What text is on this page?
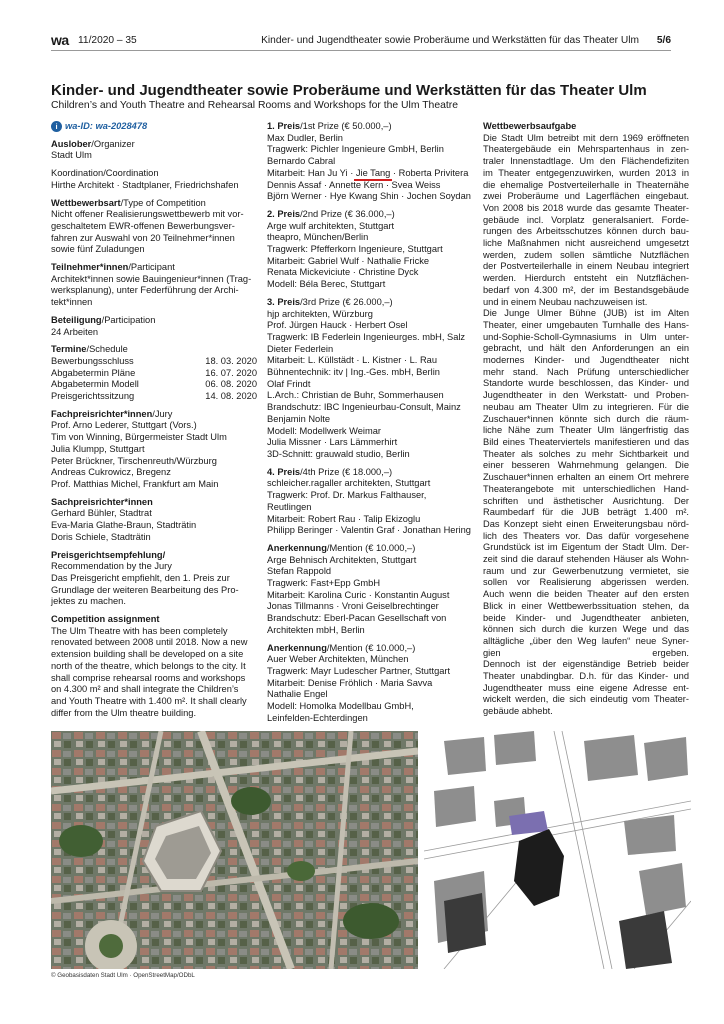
wa 11/2020 – 35	Kinder- und Jugendtheater sowie Proberäume und Werkstätten für das Theater Ulm 5/6
Kinder- und Jugendtheater sowie Proberäume und Werkstätten für das Theater Ulm
Children’s and Youth Theatre and Rehearsal Rooms and Workshops for the Ulm Theatre
i wa-ID: wa-2028478

Auslober/Organizer

Stadt Ulm

Koordination/Coordination

Hirthe Architekt · Stadtplaner, Friedrichshafen

Wettbewerbsart/Type of Competition

Nicht offener Realisierungswettbewerb mit vor-

geschaltetem EWR-offenen Bewerbungsver-

fahren zur Auswahl von 20 Teilnehmer*innen

sowie fünf Zuladungen

Teilnehmer*innen/Participant

Architekt*innen sowie Bauingenieur*innen (Trag-

werksplanung), unter Federführung der Archi-

tekt*innen

Beteiligung/Participation

24 Arbeiten

Termine/Schedule

Bewerbungsschluss	18. 03. 2020
Abgabetermin Pläne	16. 07. 2020
Abgabetermin Modell	06. 08. 2020
Preisgerichtssitzung	14. 08. 2020

Fachpreisrichter*innen/Jury

Prof. Arno Lederer, Stuttgart (Vors.)

Tim von Winning, Bürgermeister Stadt Ulm

Julia Klumpp, Stuttgart

Peter Brückner, Tirschenreuth/Würzburg

Andreas Cukrowicz, Bregenz

Prof. Matthias Michel, Frankfurt am Main

Sachpreisrichter*innen

Gerhard Bühler, Stadtrat

Eva-Maria Glathe-Braun, Stadträtin

Doris Schiele, Stadträtin

Preisgerichtsempfehlung/

Recommendation by the Jury

Das Preisgericht empfiehlt, den 1. Preis zur

Grundlage der weiteren Bearbeitung des Pro-

jektes zu machen.

Competition assignment

The Ulm Theatre with has been completely

renovated between 2008 until 2018. Now a new

extension building shall be developed on a site

north of the theatre, which belongs to the city. It

shall comprise rehearsal rooms and workshops

on 4.300 m² and shall integrate the Children’s

and Youth Theatre with 1.400 m². It shall clearly

differ from the Ulm theatre building.

1. Preis/1st Prize (€ 50.000,–)

Max Dudler, Berlin

Tragwerk: Pichler Ingenieure GmbH, Berlin

Bernardo Cabral

Mitarbeit: Han Ju Yi · Jie Tang · Roberta Privitera

Dennis Assaf · Annette Kern · Svea Weiss

Björn Werner · Hye Kwang Shin · Jochen Soydan

2. Preis/2nd Prize (€ 36.000,–)

Arge wulf architekten, Stuttgart

theapro, München/Berlin

Tragwerk: Pfefferkorn Ingenieure, Stuttgart

Mitarbeit: Gabriel Wulf · Nathalie Fricke

Renata Mickeviciute · Christine Dyck

Modell: Béla Berec, Stuttgart

3. Preis/3rd Prize (€ 26.000,–)

hjp architekten, Würzburg

Prof. Jürgen Hauck · Herbert Osel

Tragwerk: IB Federlein Ingenieurges. mbH, Salz

Dieter Federlein

Mitarbeit: L. Küllstädt · L. Kistner · L. Rau

Bühnentechnik: itv | Ing.-Ges. mbH, Berlin

Olaf Frindt

L.Arch.: Christian de Buhr, Sommerhausen

Brandschutz: IBC Ingenieurbau-Consult, Mainz

Benjamin Nolte

Modell: Modellwerk Weimar

Julia Missner · Lars Lämmerhirt

3D-Schnitt: grauwald studio, Berlin

4. Preis/4th Prize (€ 18.000,–)

schleicher.ragaller architekten, Stuttgart

Tragwerk: Prof. Dr. Markus Falthauser,

Reutlingen

Mitarbeit: Robert Rau · Talip Ekizoglu

Philipp Beringer · Valentin Graf · Jonathan Hering

Anerkennung/Mention (€ 10.000,–)

Arge Behnisch Architekten, Stuttgart

Stefan Rappold

Tragwerk: Fast+Epp GmbH

Mitarbeit: Karolina Curic · Konstantin August

Jonas Tillmanns · Vroni Geiselbrechtinger

Brandschutz: Eberl-Pacan Gesellschaft von

Architekten mbH, Berlin

Anerkennung/Mention (€ 10.000,–)

Auer Weber Architekten, München

Tragwerk: Mayr Ludescher Partner, Stuttgart

Mitarbeit: Denise Fröhlich · Maria Savva

Nathalie Engel

Modell: Homolka Modellbau GmbH,

Leinfelden-Echterdingen

Wettbewerbsaufgabe

Die Stadt Ulm betreibt mit dern 1969 eröffneten

Theatergebäude ein Mehrspartenhaus in zen-

traler Innenstadtlage. Um den Flächendefiziten

im Theater entgegenzuwirken, wurden 2013 in

die ehemalige Postverteilerhalle in Theaternähe

zwei Proberäume und Lagerflächen eingebaut.

Von 2008 bis 2018 wurde das gesamte Theater-

gebäude incl. Vorplatz generalsaniert. Forde-

rungen des Arbeitsschutzes können durch bau-

liche Maßnahmen nicht ausreichend umgesetzt

werden, zudem sollen sämtliche Nutzflächen

der Postverteilerhalle in einem Neubau integriert

werden. Hierdurch entsteht ein Nutzflächen-

bedarf von 4.300 m², der im Bestandsgebäude

und in einem Neubau nachzuweisen ist.

Die Junge Ulmer Bühne (JUB) ist im Alten

Theater, einer umgebauten Turnhalle des Hans-

und-Sophie-Scholl-Gymnasiums in Ulm unter-

gebracht, und hält den Anforderungen an ein

modernes Kinder- und Jugendtheater nicht

mehr stand. Nach Prüfung unterschiedlicher

Standorte wurde beschlossen, das Kinder- und

Jugendtheater in den Werkstatt- und Proben-

neubau am Theater Ulm zu integrieren. Für die

Zuschauer*innen könnte sich durch die räum-

liche Nähe zum Theater Ulm längerfristig das

Bild eines Theaterviertels manifestieren und das

Theater als solches zu mehr Sichtbarkeit und

einer besseren Wahrnehmung gelangen. Die

Zuschauer*innen erhalten an einem Ort mehrere

Theaterangebote mit unterschiedlichen Hand-

schriften und ästhetischer Ausrichtung. Der

Raumbedarf für die JUB beträgt 1.400 m².

Das Konzept sieht einen Erweiterungsbau nörd-

lich des Theaters vor. Das dafür vorgesehene

Grundstück ist im Eigentum der Stadt Ulm. Der-

zeit sind die darauf stehenden Häuser als Wohn-

raum und zur Gewerbenutzung vermietet, sie

sollen vor Realisierung abgerissen werden.

Auch wenn die beiden Theater auf den ersten

Blick in einer Wettbewerbssituation stehen, da

beide Kinder- und Jugendtheater anbieten,

können sich durch die kurzen Wege und das

alltägliche „über den Weg laufen“ neue Syner-

gien ergeben.

Dennoch ist der eigenständige Betrieb beider

Theater unabdingbar. D.h. für das Kinder- und

Jugendtheater muss eine eigene Adresse ent-

wickelt werden, die sich eindeutig vom Theater-

gebäude abhebt.

© Geobasisdaten Stadt Ulm · OpenStreetMap/ODbL
